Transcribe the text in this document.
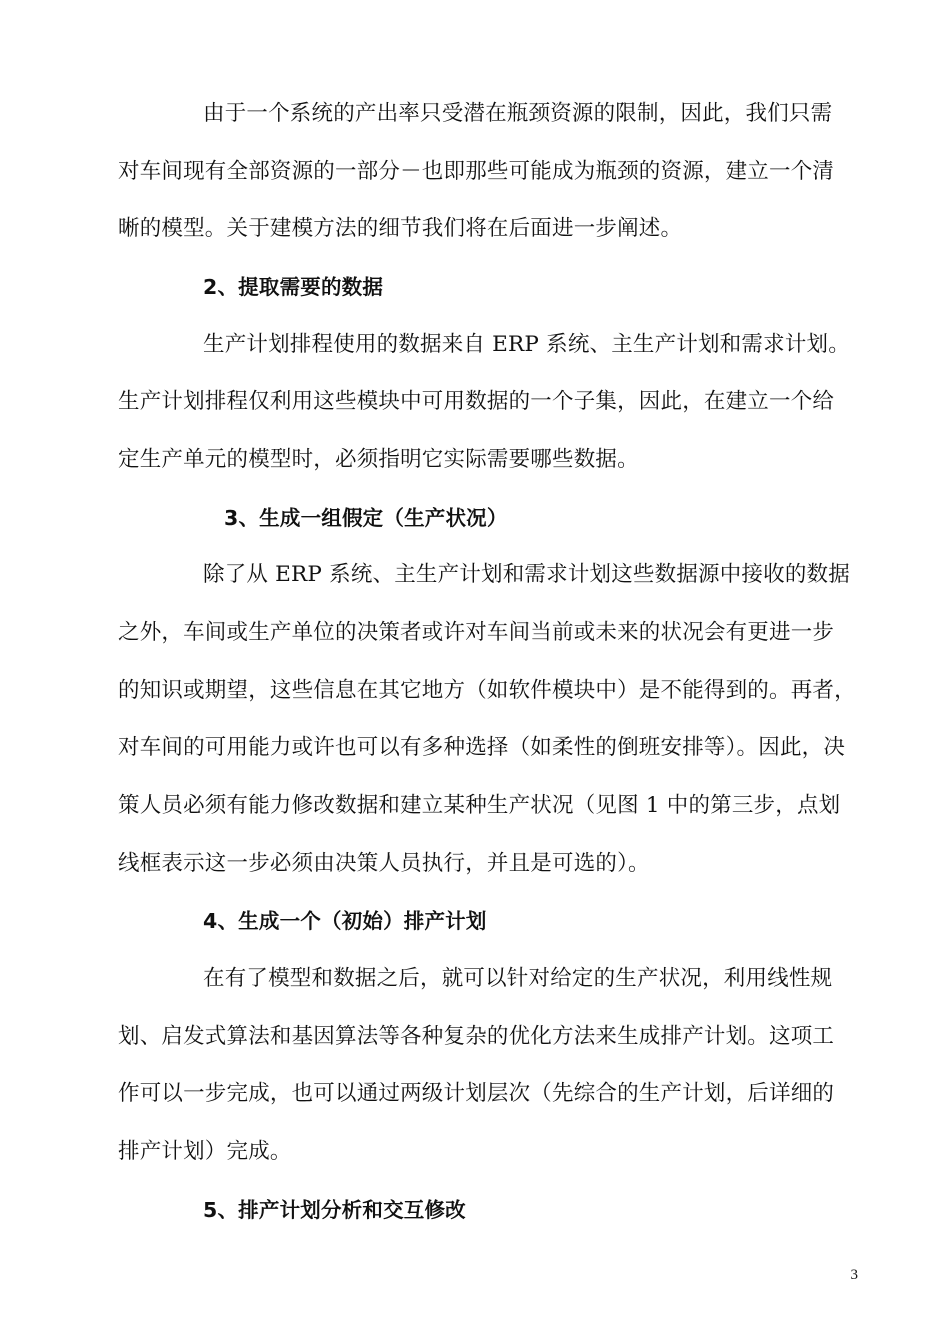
由于一个系统的产出率只受潜在瓶颈资源的限制，因此，我们只需
对车间现有全部资源的一部分－也即那些可能成为瓶颈的资源，建立一个清
晰的模型。关于建模方法的细节我们将在后面进一步阐述。
2、提取需要的数据
生产计划排程使用的数据来自 ERP 系统、主生产计划和需求计划。
生产计划排程仅利用这些模块中可用数据的一个子集，因此，在建立一个给
定生产单元的模型时，必须指明它实际需要哪些数据。
3、生成一组假定（生产状况）
除了从 ERP 系统、主生产计划和需求计划这些数据源中接收的数据
之外，车间或生产单位的决策者或许对车间当前或未来的状况会有更进一步
的知识或期望，这些信息在其它地方（如软件模块中）是不能得到的。再者，
对车间的可用能力或许也可以有多种选择（如柔性的倒班安排等）。因此，决
策人员必须有能力修改数据和建立某种生产状况（见图 1 中的第三步，点划
线框表示这一步必须由决策人员执行，并且是可选的）。
4、生成一个（初始）排产计划
在有了模型和数据之后，就可以针对给定的生产状况，利用线性规
划、启发式算法和基因算法等各种复杂的优化方法来生成排产计划。这项工
作可以一步完成，也可以通过两级计划层次（先综合的生产计划，后详细的
排产计划）完成。
5、排产计划分析和交互修改
3
